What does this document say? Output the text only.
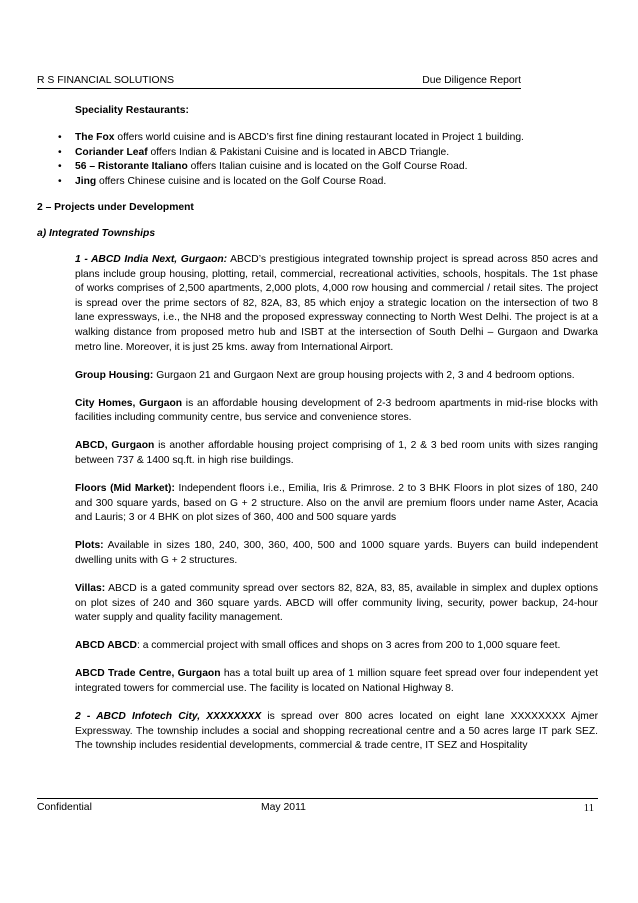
R S FINANCIAL SOLUTIONS	Due Diligence Report
Speciality Restaurants:
• The Fox offers world cuisine and is ABCD’s first fine dining restaurant located in Project 1 building.
• Coriander Leaf offers Indian & Pakistani Cuisine and is located in ABCD Triangle.
• 56 – Ristorante Italiano offers Italian cuisine and is located on the Golf Course Road.
• Jing offers Chinese cuisine and is located on the Golf Course Road.
2 – Projects under Development
a) Integrated Townships

1 - ABCD India Next, Gurgaon: ABCD’s prestigious integrated township project is spread across 850 acres and plans include group housing, plotting, retail, commercial, recreational activities, schools, hospitals. The 1st phase of works comprises of 2,500 apartments, 2,000 plots, 4,000 row housing and commercial / retail sites. The project is spread over the prime sectors of 82, 82A, 83, 85 which enjoy a strategic location on the intersection of two 8 lane expressways, i.e., the NH8 and the proposed expressway connecting to North West Delhi. The project is at a walking distance from proposed metro hub and ISBT at the intersection of South Delhi – Gurgaon and Dwarka metro line. Moreover, it is just 25 kms. away from International Airport.

Group Housing: Gurgaon 21 and Gurgaon Next are group housing projects with 2, 3 and 4 bedroom options.

City Homes, Gurgaon is an affordable housing development of 2-3 bedroom apartments in mid-rise blocks with facilities including community centre, bus service and convenience stores.

ABCD, Gurgaon is another affordable housing project comprising of 1, 2 & 3 bed room units with sizes ranging between 737 & 1400 sq.ft. in high rise buildings.

Floors (Mid Market): Independent floors i.e., Emilia, Iris & Primrose. 2 to 3 BHK Floors in plot sizes of 180, 240 and 300 square yards, based on G + 2 structure. Also on the anvil are premium floors under name Aster, Acacia and Lauris; 3 or 4 BHK on plot sizes of 360, 400 and 500 square yards

Plots: Available in sizes 180, 240, 300, 360, 400, 500 and 1000 square yards. Buyers can build independent dwelling units with G + 2 structures.

Villas: ABCD is a gated community spread over sectors 82, 82A, 83, 85, available in simplex and duplex options on plot sizes of 240 and 360 square yards. ABCD will offer community living, security, power backup, 24-hour water supply and quality facility management.

ABCD ABCD: a commercial project with small offices and shops on 3 acres from 200 to 1,000 square feet.

ABCD Trade Centre, Gurgaon has a total built up area of 1 million square feet spread over four independent yet integrated towers for commercial use. The facility is located on National Highway 8.

2 - ABCD Infotech City, XXXXXXXX is spread over 800 acres located on eight lane XXXXXXXX Ajmer Expressway. The township includes a social and shopping recreational centre and a 50 acres large IT park SEZ. The township includes residential developments, commercial & trade centre, IT SEZ and Hospitality

Confidential	May 2011	11
